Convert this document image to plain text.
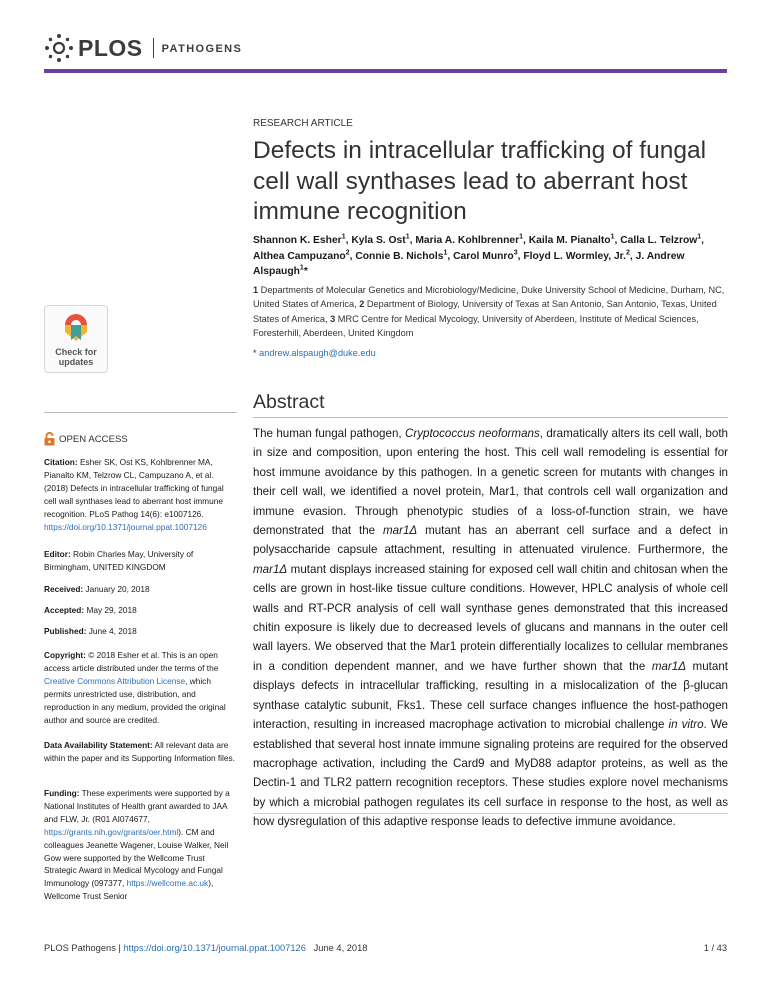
PLOS PATHOGENS
RESEARCH ARTICLE
Defects in intracellular trafficking of fungal cell wall synthases lead to aberrant host immune recognition
Shannon K. Esher$^1$, Kyla S. Ost$^1$, Maria A. Kohlbrenner$^1$, Kaila M. Pianalto$^1$, Calla L. Telzrow$^1$, Althea Campuzano$^2$, Connie B. Nichols$^1$, Carol Munro$^3$, Floyd L. Wormley, Jr.$^2$, J. Andrew Alspaugh$^1$*
1 Departments of Molecular Genetics and Microbiology/Medicine, Duke University School of Medicine, Durham, NC, United States of America, 2 Department of Biology, University of Texas at San Antonio, San Antonio, Texas, United States of America, 3 MRC Centre for Medical Mycology, University of Aberdeen, Institute of Medical Sciences, Foresterhill, Aberdeen, United Kingdom
* andrew.alspaugh@duke.edu
Abstract

The human fungal pathogen, Cryptococcus neoformans, dramatically alters its cell wall, both in size and composition, upon entering the host. This cell wall remodeling is essential for host immune avoidance by this pathogen. In a genetic screen for mutants with changes in their cell wall, we identified a novel protein, Mar1, that controls cell wall organization and immune evasion. Through phenotypic studies of a loss-of-function strain, we have demonstrated that the mar1Δ mutant has an aberrant cell surface and a defect in polysaccharide capsule attachment, resulting in attenuated virulence. Furthermore, the mar1Δ mutant displays increased staining for exposed cell wall chitin and chitosan when the cells are grown in host-like tissue culture conditions. However, HPLC analysis of whole cell walls and RT-PCR analysis of cell wall synthase genes demonstrated that this increased chitin exposure is likely due to decreased levels of glucans and mannans in the outer cell wall layers. We observed that the Mar1 protein differentially localizes to cellular membranes in a condition dependent manner, and we have further shown that the mar1Δ mutant displays defects in intracellular trafficking, resulting in a mislocalization of the β-glucan synthase catalytic subunit, Fks1. These cell surface changes influence the host-pathogen interaction, resulting in increased macrophage activation to microbial challenge in vitro. We established that several host innate immune signaling proteins are required for the observed macrophage activation, including the Card9 and MyD88 adaptor proteins, as well as the Dectin-1 and TLR2 pattern recognition receptors. These studies explore novel mechanisms by which a microbial pathogen regulates its cell surface in response to the host, as well as how dysregulation of this adaptive response leads to defective immune avoidance.

Check for updates
OPEN ACCESS
Citation: Esher SK, Ost KS, Kohlbrenner MA, Pianalto KM, Telzrow CL, Campuzano A, et al. (2018) Defects in intracellular trafficking of fungal cell wall synthases lead to aberrant host immune recognition. PLoS Pathog 14(6): e1007126. https://doi.org/10.1371/journal.ppat.1007126
Editor: Robin Charles May, University of Birmingham, UNITED KINGDOM
Received: January 20, 2018
Accepted: May 29, 2018
Published: June 4, 2018
Copyright: © 2018 Esher et al. This is an open access article distributed under the terms of the Creative Commons Attribution License, which permits unrestricted use, distribution, and reproduction in any medium, provided the original author and source are credited.
Data Availability Statement: All relevant data are within the paper and its Supporting Information files.
Funding: These experiments were supported by a National Institutes of Health grant awarded to JAA and FLW, Jr. (R01 AI074677, https://grants.nih.gov/grants/oer.html). CM and colleagues Jeanette Wagener, Louise Walker, Neil Gow were supported by the Wellcome Trust Strategic Award in Medical Mycology and Fungal Immunology (097377, https://wellcome.ac.uk), Wellcome Trust Senior
PLOS Pathogens | https://doi.org/10.1371/journal.ppat.1007126 June 4, 2018	1 / 43
